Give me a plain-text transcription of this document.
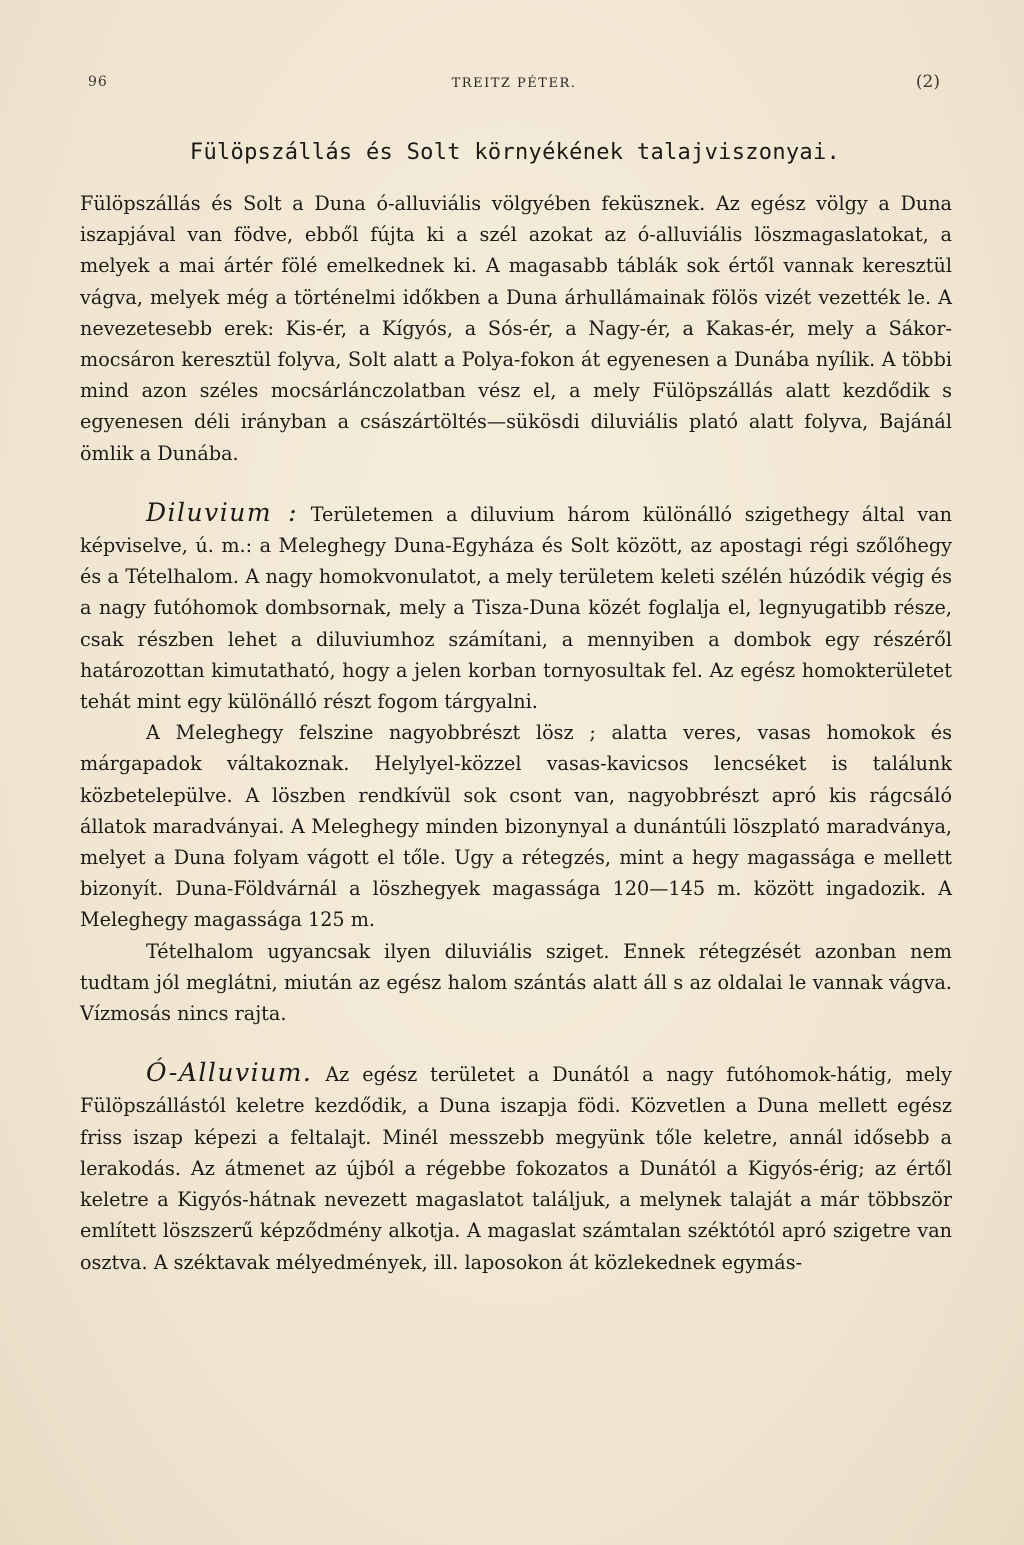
96	TREITZ PÉTER.	(2)
Fülöpszállás és Solt környékének talajviszonyai.

Fülöpszállás és Solt a Duna ó-alluviális völgyében feküsznek. Az egész völgy a Duna iszapjával van födve, ebből fújta ki a szél azokat az ó-alluviális löszmagaslatokat, a melyek a mai ártér fölé emelkednek ki. A magasabb táblák sok értől vannak keresztül vágva, melyek még a történelmi időkben a Duna árhullámainak fölös vizét vezették le. A nevezetesebb erek: Kis-ér, a Kígyós, a Sós-ér, a Nagy-ér, a Kakas-ér, mely a Sákor-mocsáron keresztül folyva, Solt alatt a Polya-fokon át egyenesen a Dunába nyílik. A többi mind azon széles mocsárlánczolatban vész el, a mely Fülöpszállás alatt kezdődik s egyenesen déli irányban a császártöltés—sükösdi diluviális plató alatt folyva, Bajánál ömlik a Dunába.

Diluvium : Területemen a diluvium három különálló szigethegy által van képviselve, ú. m.: a Meleghegy Duna-Egyháza és Solt között, az apostagi régi szőlőhegy és a Tételhalom. A nagy homokvonulatot, a mely területem keleti szélén húzódik végig és a nagy futóhomok dombsornak, mely a Tisza-Duna közét foglalja el, legnyugatibb része, csak részben lehet a diluviumhoz számítani, a mennyiben a dombok egy részéről határozottan kimutatható, hogy a jelen korban tornyosultak fel. Az egész homokterületet tehát mint egy különálló részt fogom tárgyalni.

A Meleghegy felszine nagyobbrészt lösz ; alatta veres, vasas homokok és márgapadok váltakoznak. Helylyel-közzel vasas-kavicsos lencséket is találunk közbetelepülve. A löszben rendkívül sok csont van, nagyobbrészt apró kis rágcsáló állatok maradványai. A Meleghegy minden bizonynyal a dunántúli löszplató maradványa, melyet a Duna folyam vágott el tőle. Ugy a rétegzés, mint a hegy magassága e mellett bizonyít. Duna-Földvárnál a löszhegyek magassága 120—145 m. között ingadozik. A Meleghegy magassága 125 m.

Tételhalom ugyancsak ilyen diluviális sziget. Ennek rétegzését azonban nem tudtam jól meglátni, miután az egész halom szántás alatt áll s az oldalai le vannak vágva. Vízmosás nincs rajta.

Ó-Alluvium. Az egész területet a Dunától a nagy futóhomok-hátig, mely Fülöpszállástól keletre kezdődik, a Duna iszapja födi. Közvetlen a Duna mellett egész friss iszap képezi a feltalajt. Minél messzebb megyünk tőle keletre, annál idősebb a lerakodás. Az átmenet az újból a régebbe fokozatos a Dunától a Kigyós-érig; az értől keletre a Kigyós-hátnak nevezett magaslatot találjuk, a melynek talaját a már többször említett löszszerű képződmény alkotja. A magaslat számtalan széktótól apró szigetre van osztva. A széktavak mélyedmények, ill. laposokon át közlekednek egymás-
